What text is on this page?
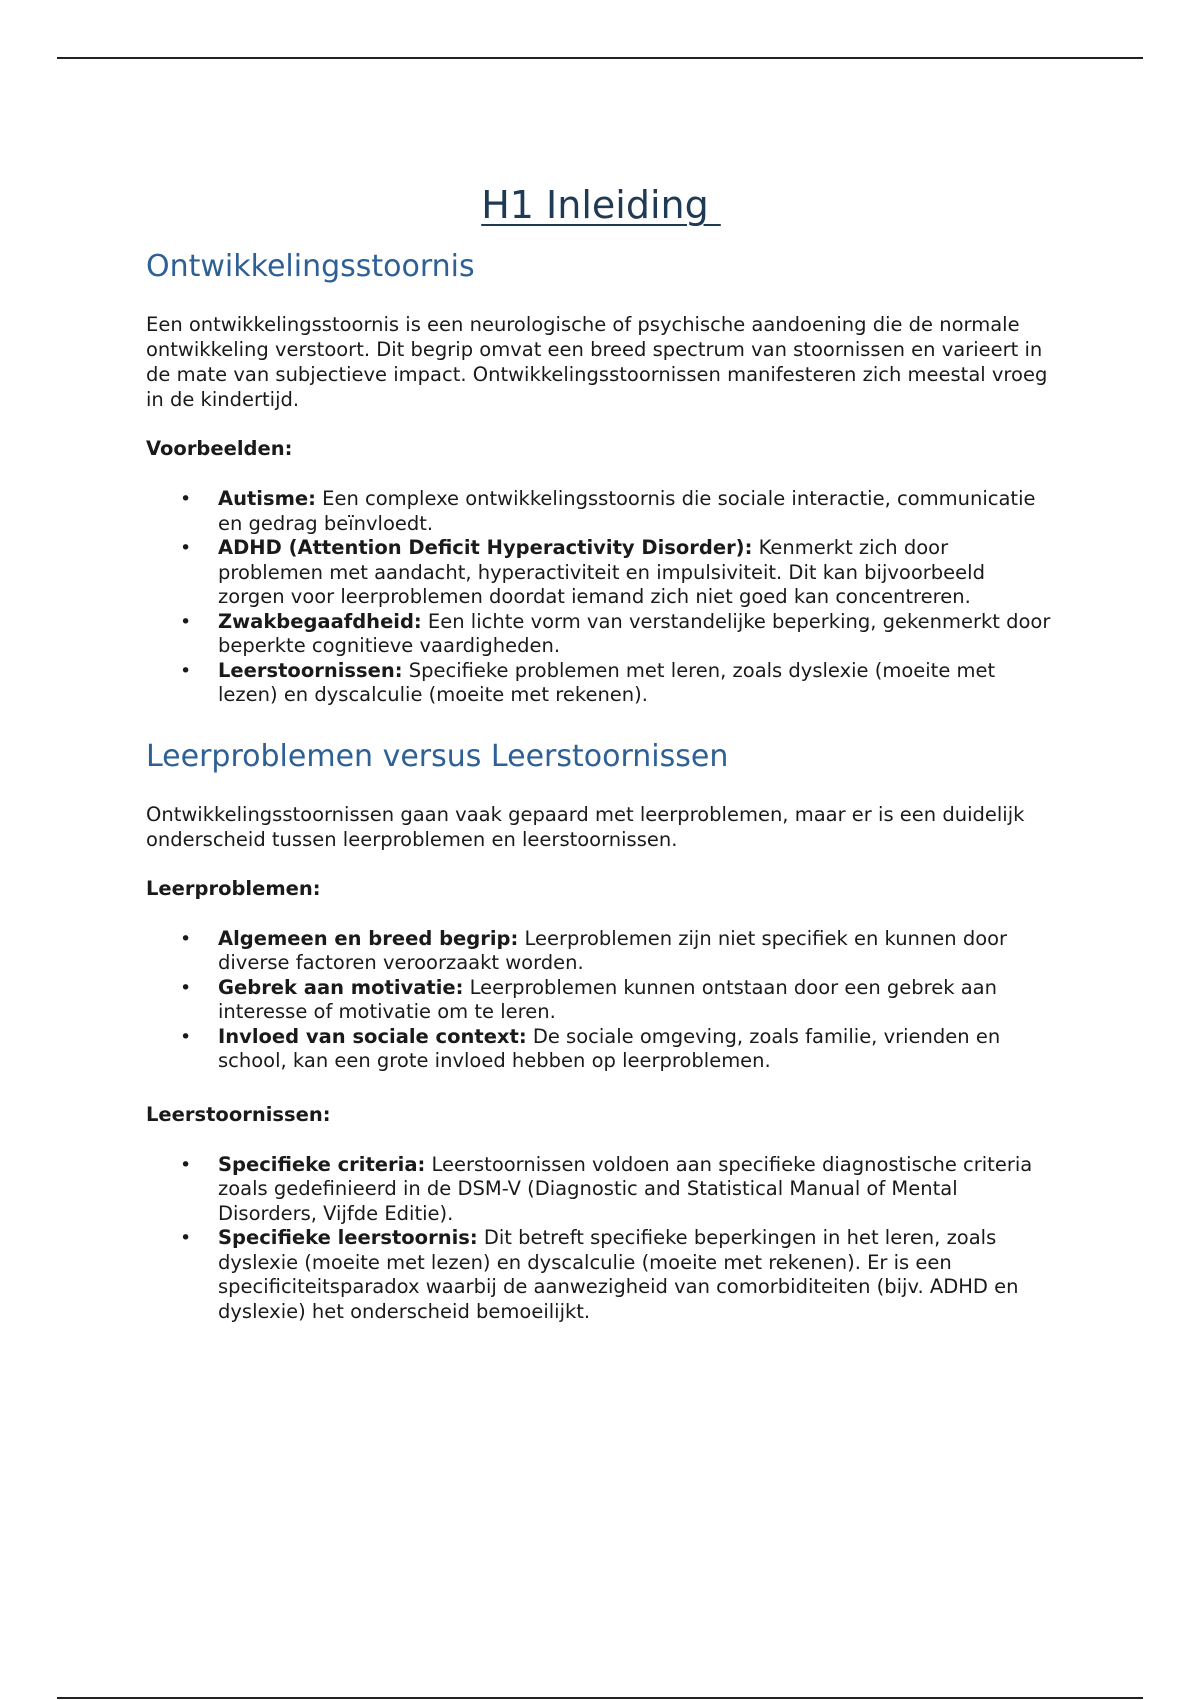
H1 Inleiding
Ontwikkelingsstoornis

Een ontwikkelingsstoornis is een neurologische of psychische aandoening die de normale ontwikkeling verstoort. Dit begrip omvat een breed spectrum van stoornissen en varieert in de mate van subjectieve impact. Ontwikkelingsstoornissen manifesteren zich meestal vroeg in de kindertijd.

Voorbeelden:

• Autisme: Een complexe ontwikkelingsstoornis die sociale interactie, communicatie en gedrag beïnvloedt.
• ADHD (Attention Deficit Hyperactivity Disorder): Kenmerkt zich door problemen met aandacht, hyperactiviteit en impulsiviteit. Dit kan bijvoorbeeld zorgen voor leerproblemen doordat iemand zich niet goed kan concentreren.
• Zwakbegaafdheid: Een lichte vorm van verstandelijke beperking, gekenmerkt door beperkte cognitieve vaardigheden.
• Leerstoornissen: Specifieke problemen met leren, zoals dyslexie (moeite met lezen) en dyscalculie (moeite met rekenen).
Leerproblemen versus Leerstoornissen

Ontwikkelingsstoornissen gaan vaak gepaard met leerproblemen, maar er is een duidelijk onderscheid tussen leerproblemen en leerstoornissen.

Leerproblemen:

• Algemeen en breed begrip: Leerproblemen zijn niet specifiek en kunnen door diverse factoren veroorzaakt worden.
• Gebrek aan motivatie: Leerproblemen kunnen ontstaan door een gebrek aan interesse of motivatie om te leren.
• Invloed van sociale context: De sociale omgeving, zoals familie, vrienden en school, kan een grote invloed hebben op leerproblemen.

Leerstoornissen:

• Specifieke criteria: Leerstoornissen voldoen aan specifieke diagnostische criteria zoals gedefinieerd in de DSM-V (Diagnostic and Statistical Manual of Mental Disorders, Vijfde Editie).
• Specifieke leerstoornis: Dit betreft specifieke beperkingen in het leren, zoals dyslexie (moeite met lezen) en dyscalculie (moeite met rekenen). Er is een specificiteitsparadox waarbij de aanwezigheid van comorbiditeiten (bijv. ADHD en dyslexie) het onderscheid bemoeilijkt.
